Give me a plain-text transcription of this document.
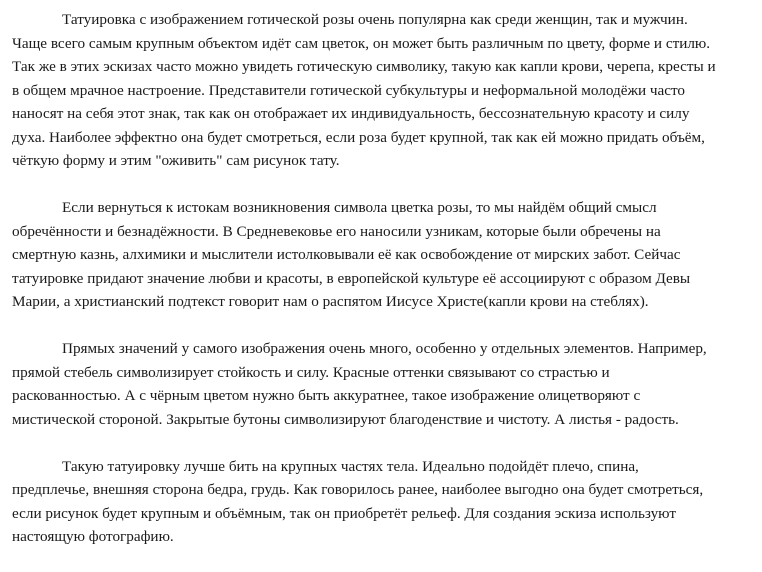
Татуировка с изображением готической розы очень популярна как среди женщин, так и мужчин.
Чаще всего самым крупным объектом идёт сам цветок, он может быть различным по цвету, форме и стилю.
Так же в этих эскизах часто можно увидеть готическую символику, такую как капли крови, черепа, кресты и
в общем мрачное настроение. Представители готической субкультуры и неформальной молодёжи часто
наносят на себя этот знак, так как он отображает их индивидуальность, бессознательную красоту и силу
духа. Наиболее эффектно она будет смотреться, если роза будет крупной, так как ей можно придать объём,
чёткую форму и этим "оживить" сам рисунок тату.

Если вернуться к истокам возникновения символа цветка розы, то мы найдём общий смысл
обречённости и безнадёжности. В Средневековье его наносили узникам, которые были обречены на
смертную казнь, алхимики и мыслители истолковывали её как освобождение от мирских забот. Сейчас
татуировке придают значение любви и красоты, в европейской культуре её ассоциируют с образом Девы
Марии, а христианский подтекст говорит нам о распятом Иисусе Христе(капли крови на стеблях).

Прямых значений у самого изображения очень много, особенно у отдельных элементов. Например,
прямой стебель символизирует стойкость и силу. Красные оттенки связывают со страстью и
раскованностью. А с чёрным цветом нужно быть аккуратнее, такое изображение олицетворяют с
мистической стороной. Закрытые бутоны символизируют благоденствие и чистоту. А листья - радость.

Такую татуировку лучше бить на крупных частях тела. Идеально подойдёт плечо, спина,
предплечье, внешняя сторона бедра, грудь. Как говорилось ранее, наиболее выгодно она будет смотреться,
если рисунок будет крупным и объёмным, так он приобретёт рельеф. Для создания эскиза используют
настоящую фотографию.
